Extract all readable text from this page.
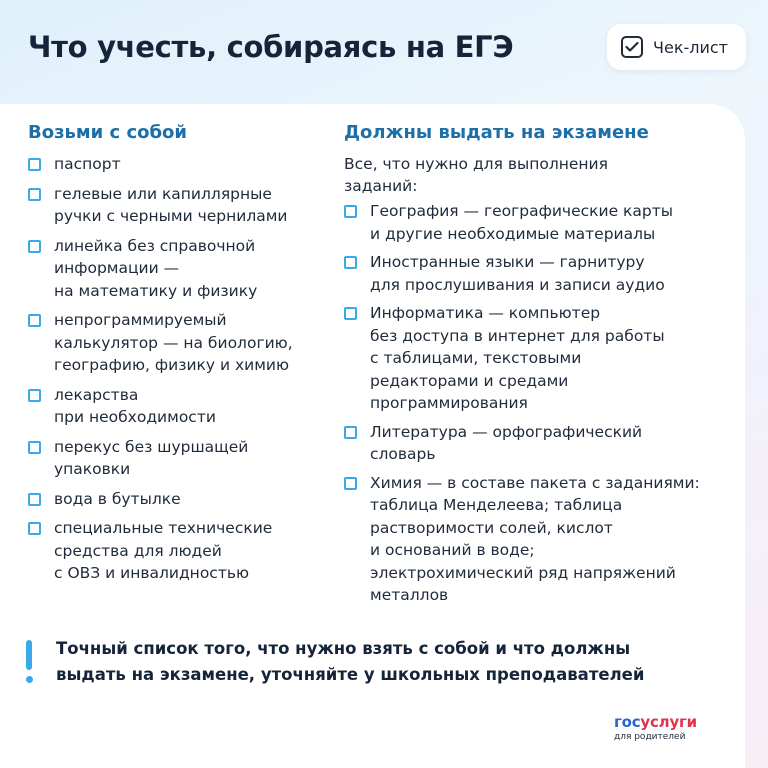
Что учесть, собираясь на ЕГЭ	Чек-лист
Возьми с собой
паспорт
гелевые или капиллярные
ручки с черными чернилами
линейка без справочной
информации —
на математику и физику
непрограммируемый
калькулятор — на биологию,
географию, физику и химию
лекарства
при необходимости
перекус без шуршащей
упаковки
вода в бутылке
специальные технические
средства для людей
с ОВЗ и инвалидностью
Должны выдать на экзамене

Все, что нужно для выполнения
заданий:

География — географические карты
и другие необходимые материалы
Иностранные языки — гарнитуру
для прослушивания и записи аудио
Информатика — компьютер
без доступа в интернет для работы
с таблицами, текстовыми
редакторами и средами
программирования
Литература — орфографический
словарь
Химия — в составе пакета с заданиями:
таблица Менделеева; таблица
растворимости солей, кислот
и оснований в воде;
электрохимический ряд напряжений
металлов

Точный список того, что нужно взять с собой и что должны
выдать на экзамене, уточняйте у школьных преподавателей

госуслуги
для родителей
